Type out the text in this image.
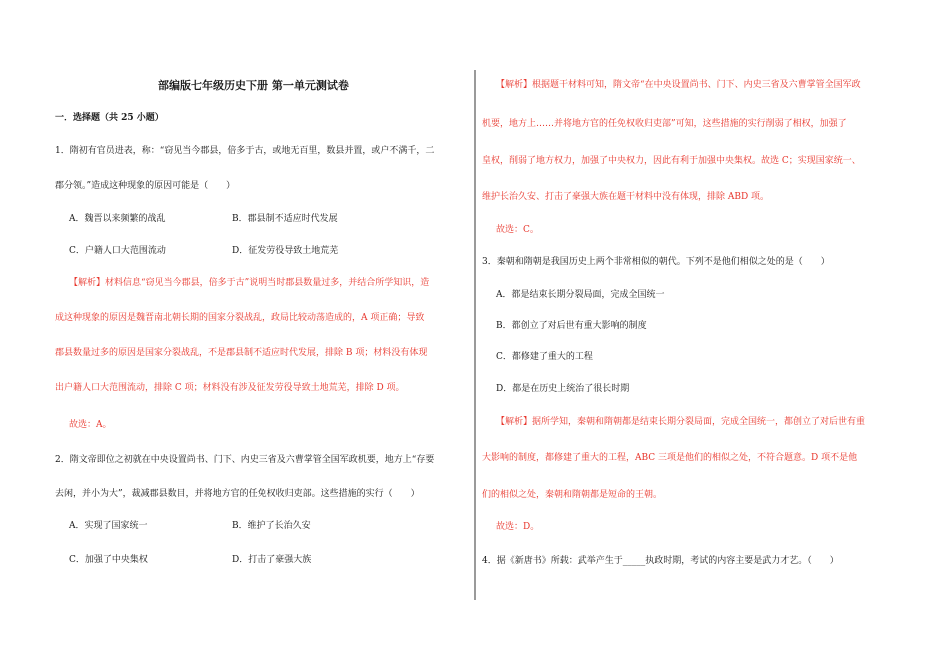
部编版七年级历史下册 第一单元测试卷
一．选择题（共 25 小题）
1．隋初有官员进表，称：“窃见当今郡县，倍多于古，或地无百里，数县并置，或户不满千，二
郡分领。”造成这种现象的原因可能是（　　）
A．魏晋以来频繁的战乱	B．郡县制不适应时代发展
C．户籍人口大范围流动	D．征发劳役导致土地荒芜
【解析】材料信息“窃见当今郡县，倍多于古”说明当时郡县数量过多，并结合所学知识，造
成这种现象的原因是魏晋南北朝长期的国家分裂战乱，政局比较动荡造成的，A 项正确；导致
郡县数量过多的原因是国家分裂战乱，不是郡县制不适应时代发展，排除 B 项；材料没有体现
出户籍人口大范围流动，排除 C 项；材料没有涉及征发劳役导致土地荒芜，排除 D 项。
故选：A。
2．隋文帝即位之初就在中央设置尚书、门下、内史三省及六曹掌管全国军政机要，地方上“存要
去闲，并小为大”，裁减郡县数目，并将地方官的任免权收归吏部。这些措施的实行（　　）
A．实现了国家统一	B．维护了长治久安
C．加强了中央集权	D．打击了豪强大族
【解析】根据题干材料可知，隋文帝“在中央设置尚书、门下、内史三省及六曹掌管全国军政
机要，地方上……并将地方官的任免权收归吏部”可知，这些措施的实行削弱了相权，加强了
皇权，削弱了地方权力，加强了中央权力，因此有利于加强中央集权。故选 C；实现国家统一、
维护长治久安、打击了豪强大族在题干材料中没有体现，排除 ABD 项。
故选：C。
3．秦朝和隋朝是我国历史上两个非常相似的朝代。下列不是他们相似之处的是（　　）
A．都是结束长期分裂局面，完成全国统一
B．都创立了对后世有重大影响的制度
C．都修建了重大的工程
D．都是在历史上统治了很长时期
【解析】据所学知，秦朝和隋朝都是结束长期分裂局面，完成全国统一，都创立了对后世有重
大影响的制度，都修建了重大的工程，ABC 三项是他们的相似之处，不符合题意。D 项不是他
们的相似之处，秦朝和隋朝都是短命的王朝。
故选：D。
4．据《新唐书》所载：武举产生于_____执政时期，考试的内容主要是武力才艺。（　　）
